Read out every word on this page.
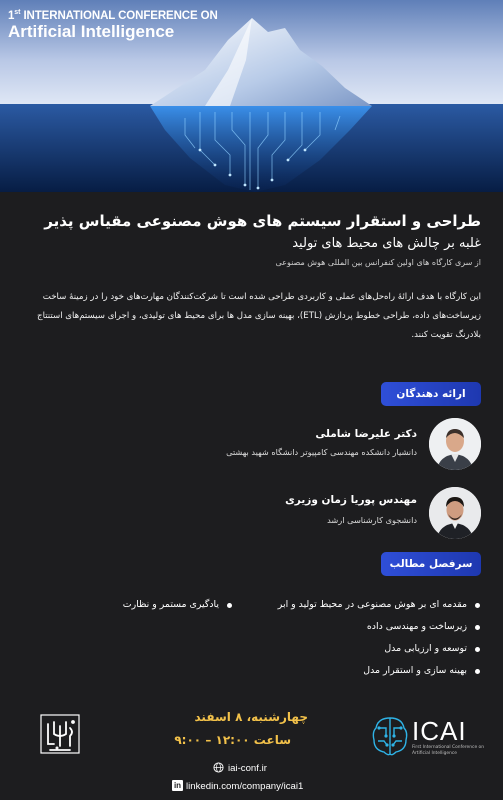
1st INTERNATIONAL CONFERENCE ON
Artificial Intelligence
طراحی و استقرار سیستم های هوش مصنوعی مقیاس پذیر
غلبه بر چالش های محیط های تولید
از سری کارگاه های اولین کنفرانس بین المللی هوش مصنوعی
این کارگاه با هدف ارائهٔ راه‌حل‌های عملی و کاربردی طراحی شده است تا شرکت‌کنندگان مهارت‌های خود را در زمینهٔ ساخت زیرساخت‌های داده، طراحی خطوط پردازش (ETL)، بهینه سازی مدل ها برای محیط های تولیدی، و اجرای سیستم‌های استنتاج بلادرنگ تقویت کنند.
ارائه دهندگان
دکتر علیرضا شاملی
دانشیار دانشکده مهندسی کامپیوتر دانشگاه شهید بهشتی
مهندس پوریا زمان وزیری
دانشجوی کارشناسی ارشد
سرفصل مطالب
مقدمه ای بر هوش مصنوعی در محیط تولید و ابر
زیرساخت و مهندسی داده
توسعه و ارزیابی مدل
بهینه سازی و استقرار مدل
یادگیری مستمر و نظارت
چهارشنبه، ۸ اسفند
ساعت ۱۲:۰۰ – ۹:۰۰	ICAI
First International Conference on Artificial Intelligence
iai-conf.ir
in linkedin.com/company/icai1
